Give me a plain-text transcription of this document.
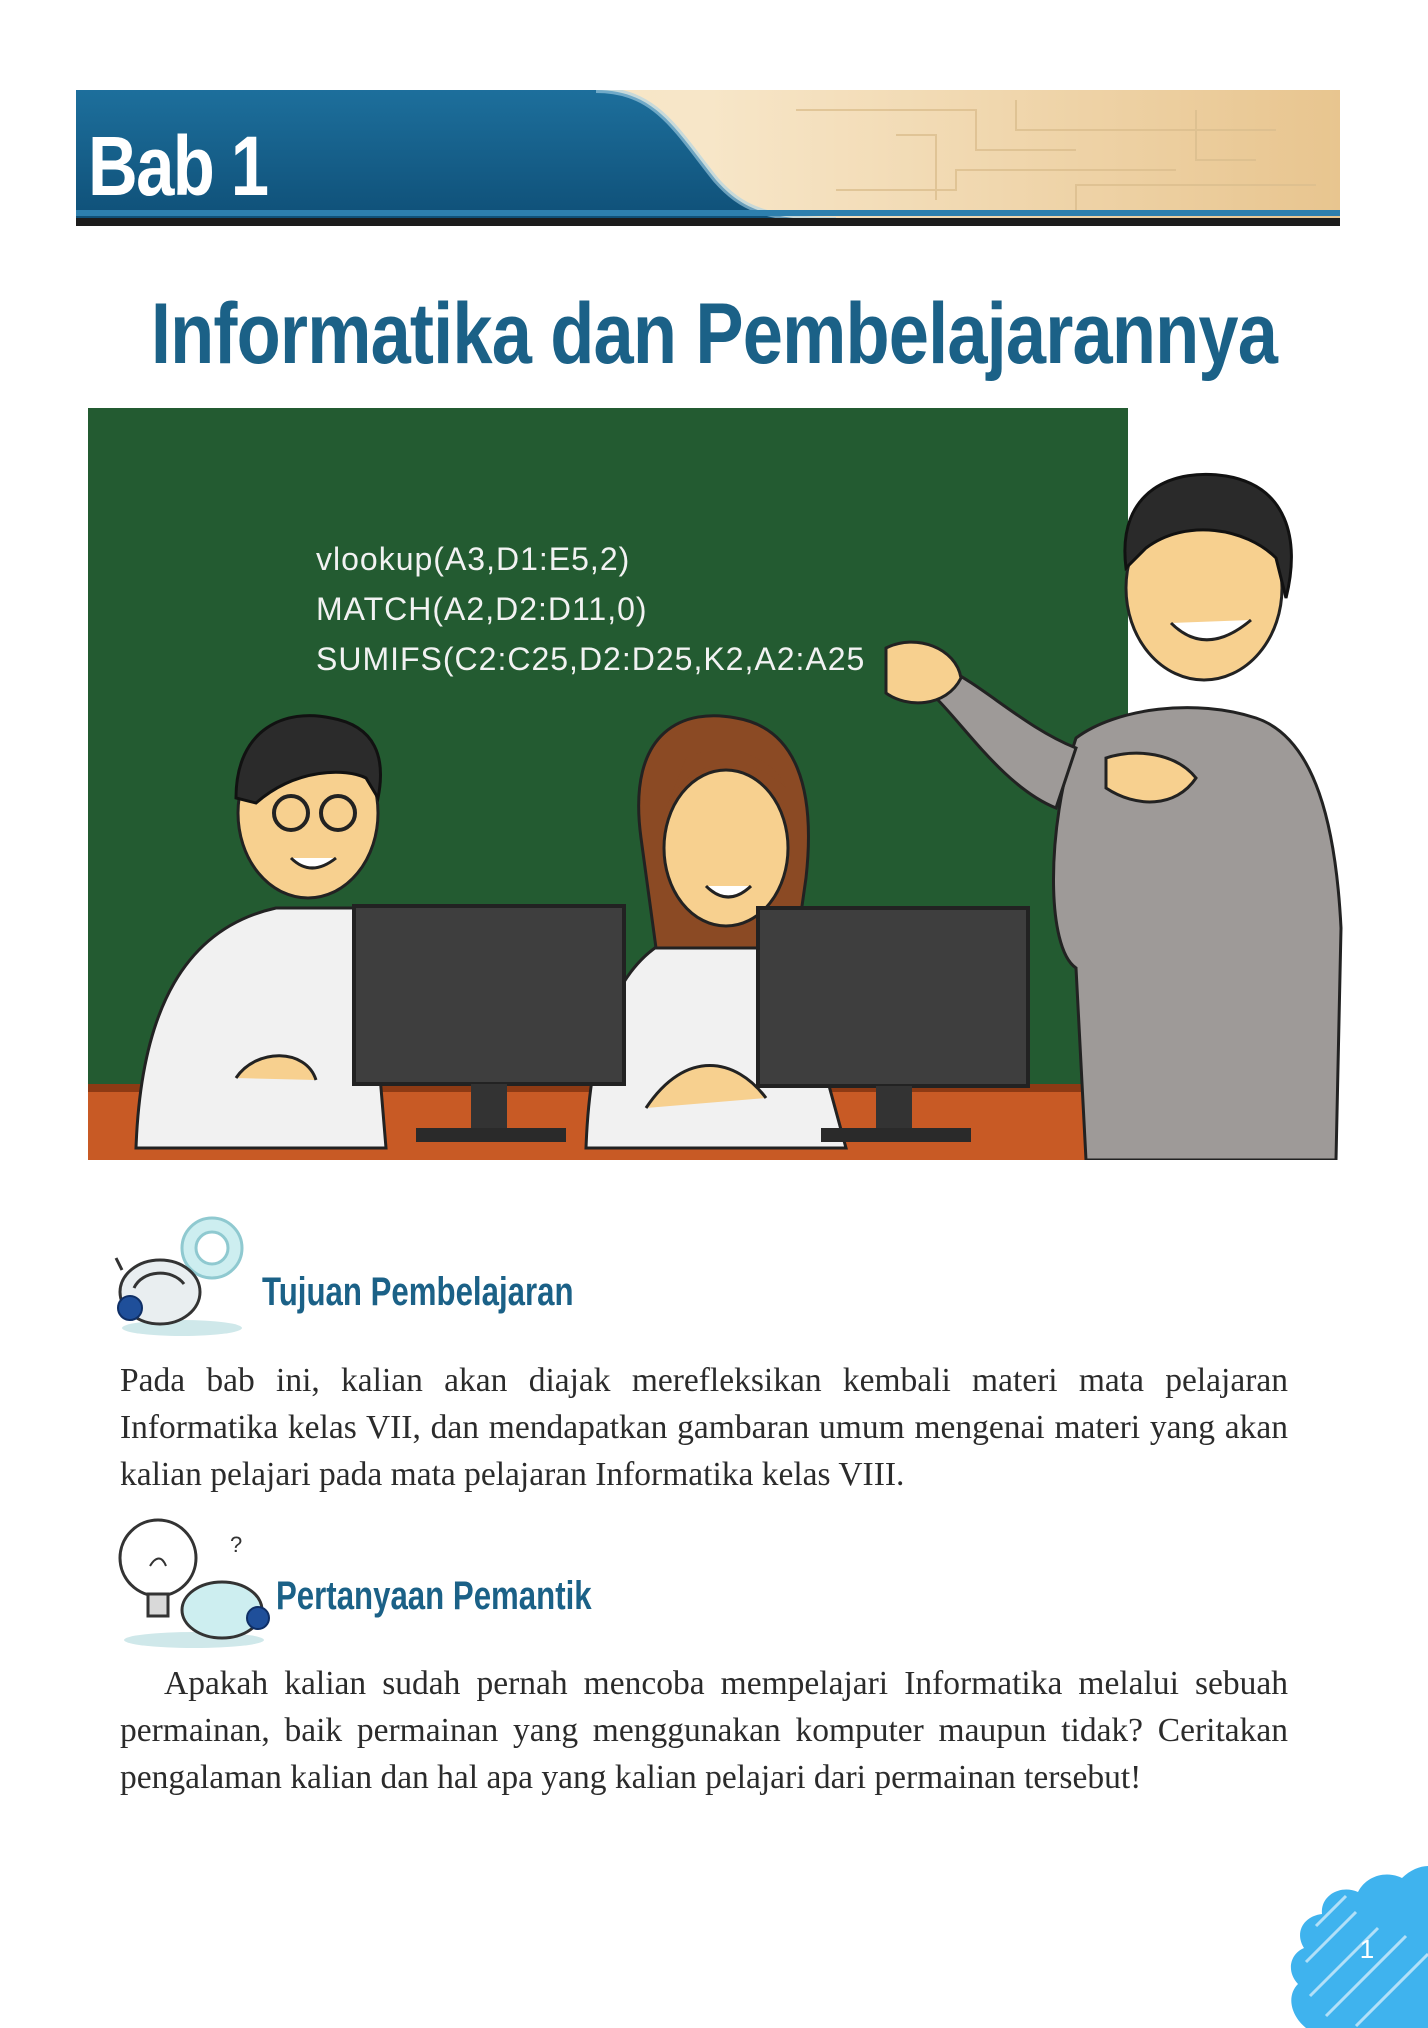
Bab 1
Informatika dan Pembelajarannya
vlookup(A3,D1:E5,2)
MATCH(A2,D2:D11,0)
SUMIFS(C2:C25,D2:D25,K2,A2:A25

Tujuan Pembelajaran

Pada bab ini, kalian akan diajak merefleksikan kembali materi mata pelajaran Informatika kelas VII, dan mendapatkan gambaran umum mengenai materi yang akan kalian pelajari pada mata pelajaran Informatika kelas VIII.

?

Pertanyaan Pemantik

Apakah kalian sudah pernah mencoba mempelajari Informatika melalui sebuah permainan, baik permainan yang menggunakan komputer maupun tidak? Ceritakan pengalaman kalian dan hal apa yang kalian pelajari dari permainan tersebut!

1
